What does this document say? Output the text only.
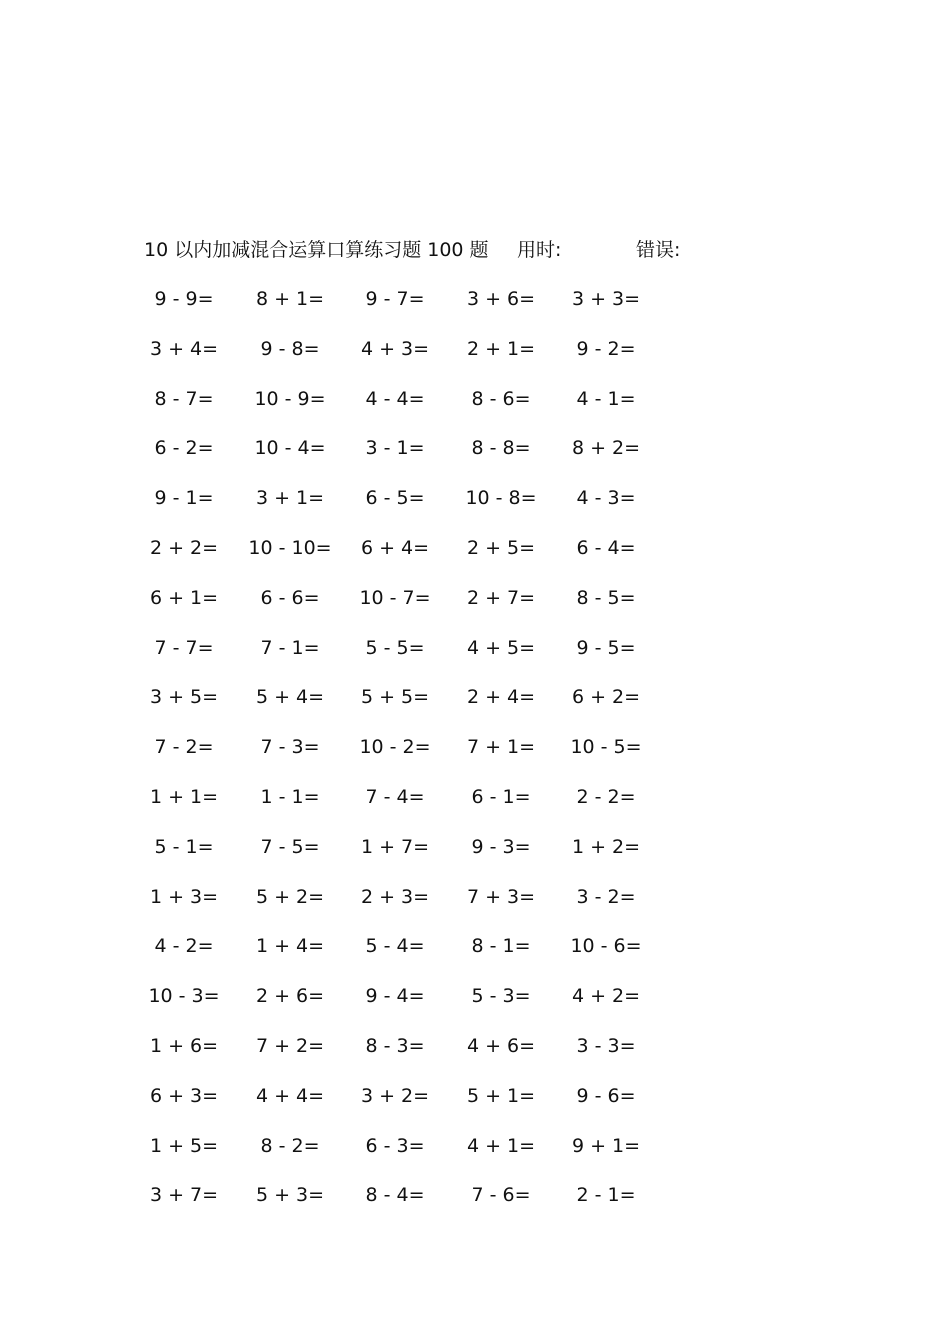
10 以内加减混合运算口算练习题 100 题 用时:	错误:
9 - 9=	8 + 1=	9 - 7=	3 + 6=	3 + 3=
3 + 4=	9 - 8=	4 + 3=	2 + 1=	9 - 2=
8 - 7=	10 - 9=	4 - 4=	8 - 6=	4 - 1=
6 - 2=	10 - 4=	3 - 1=	8 - 8=	8 + 2=
9 - 1=	3 + 1=	6 - 5=	10 - 8=	4 - 3=
2 + 2=	10 - 10=	6 + 4=	2 + 5=	6 - 4=
6 + 1=	6 - 6=	10 - 7=	2 + 7=	8 - 5=
7 - 7=	7 - 1=	5 - 5=	4 + 5=	9 - 5=
3 + 5=	5 + 4=	5 + 5=	2 + 4=	6 + 2=
7 - 2=	7 - 3=	10 - 2=	7 + 1=	10 - 5=
1 + 1=	1 - 1=	7 - 4=	6 - 1=	2 - 2=
5 - 1=	7 - 5=	1 + 7=	9 - 3=	1 + 2=
1 + 3=	5 + 2=	2 + 3=	7 + 3=	3 - 2=
4 - 2=	1 + 4=	5 - 4=	8 - 1=	10 - 6=
10 - 3=	2 + 6=	9 - 4=	5 - 3=	4 + 2=
1 + 6=	7 + 2=	8 - 3=	4 + 6=	3 - 3=
6 + 3=	4 + 4=	3 + 2=	5 + 1=	9 - 6=
1 + 5=	8 - 2=	6 - 3=	4 + 1=	9 + 1=
3 + 7=	5 + 3=	8 - 4=	7 - 6=	2 - 1=
